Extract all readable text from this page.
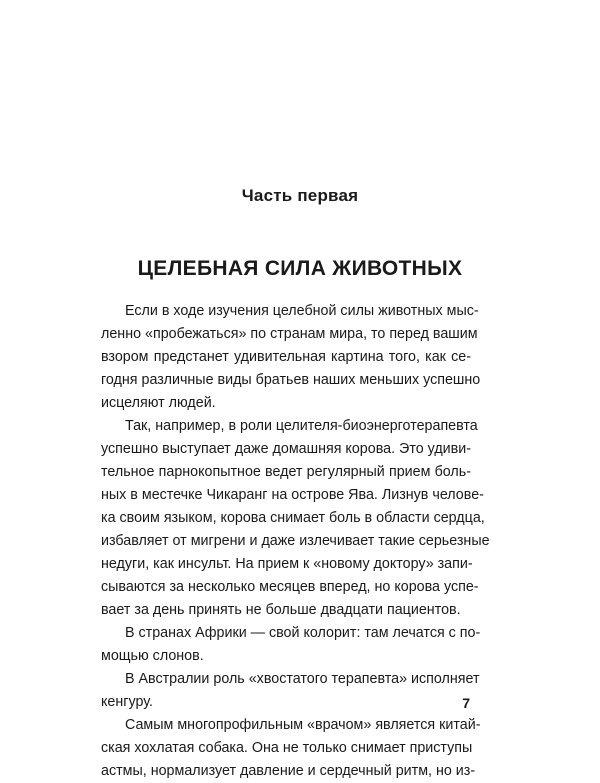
Часть первая
ЦЕЛЕБНАЯ СИЛА ЖИВОТНЫХ
Если в ходе изучения целебной силы животных мыс-
ленно «пробежаться» по странам мира, то перед вашим
взором предстанет удивительная картина того, как се-
годня различные виды братьев наших меньших успешно
исцеляют людей.
Так, например, в роли целителя-биоэнерготерапевта
успешно выступает даже домашняя корова. Это удиви-
тельное парнокопытное ведет регулярный прием боль-
ных в местечке Чикаранг на острове Ява. Лизнув челове-
ка своим языком, корова снимает боль в области сердца,
избавляет от мигрени и даже излечивает такие серьезные
недуги, как инсульт. На прием к «новому доктору» запи-
сываются за несколько месяцев вперед, но корова успе-
вает за день принять не больше двадцати пациентов.
В странах Африки — свой колорит: там лечатся с по-
мощью слонов.
В Австралии роль «хвостатого терапевта» исполняет
кенгуру.
Самым многопрофильным «врачом» является китай-
ская хохлатая собака. Она не только снимает приступы
астмы, нормализует давление и сердечный ритм, но из-
7
